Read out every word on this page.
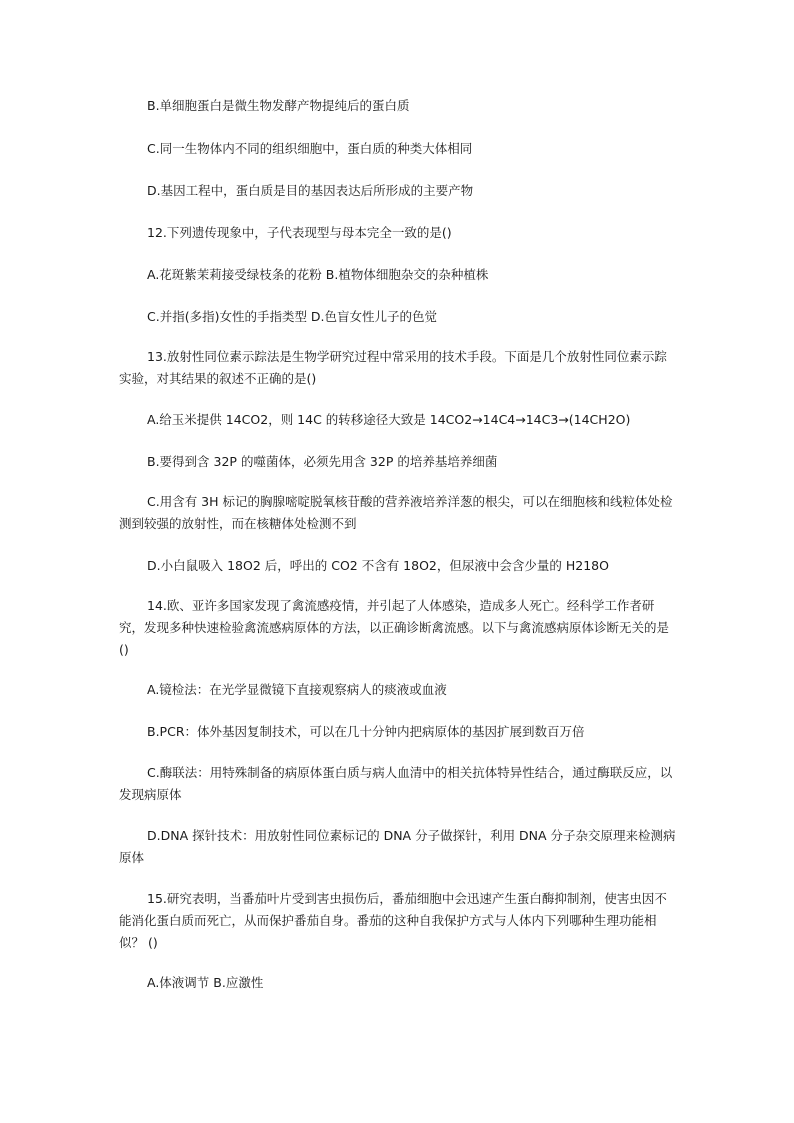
B.单细胞蛋白是微生物发酵产物提纯后的蛋白质

C.同一生物体内不同的组织细胞中，蛋白质的种类大体相同

D.基因工程中，蛋白质是目的基因表达后所形成的主要产物

12.下列遗传现象中，子代表现型与母本完全一致的是()

A.花斑紫茉莉接受绿枝条的花粉 B.植物体细胞杂交的杂种植株

C.并指(多指)女性的手指类型 D.色盲女性儿子的色觉

13.放射性同位素示踪法是生物学研究过程中常采用的技术手段。下面是几个放射性同位素示踪实验，对其结果的叙述不正确的是()

A.给玉米提供 14CO2，则 14C 的转移途径大致是 14CO2→14C4→14C3→(14CH2O)

B.要得到含 32P 的噬菌体，必须先用含 32P 的培养基培养细菌

C.用含有 3H 标记的胸腺嘧啶脱氧核苷酸的营养液培养洋葱的根尖，可以在细胞核和线粒体处检测到较强的放射性，而在核糖体处检测不到

D.小白鼠吸入 18O2 后，呼出的 CO2 不含有 18O2，但尿液中会含少量的 H218O

14.欧、亚许多国家发现了禽流感疫情，并引起了人体感染，造成多人死亡。经科学工作者研究，发现多种快速检验禽流感病原体的方法，以正确诊断禽流感。以下与禽流感病原体诊断无关的是 ()

A.镜检法：在光学显微镜下直接观察病人的痰液或血液

B.PCR：体外基因复制技术，可以在几十分钟内把病原体的基因扩展到数百万倍

C.酶联法：用特殊制备的病原体蛋白质与病人血清中的相关抗体特异性结合，通过酶联反应，以发现病原体

D.DNA 探针技术：用放射性同位素标记的 DNA 分子做探针，利用 DNA 分子杂交原理来检测病原体

15.研究表明，当番茄叶片受到害虫损伤后，番茄细胞中会迅速产生蛋白酶抑制剂，使害虫因不能消化蛋白质而死亡，从而保护番茄自身。番茄的这种自我保护方式与人体内下列哪种生理功能相似？ ()

A.体液调节 B.应激性
